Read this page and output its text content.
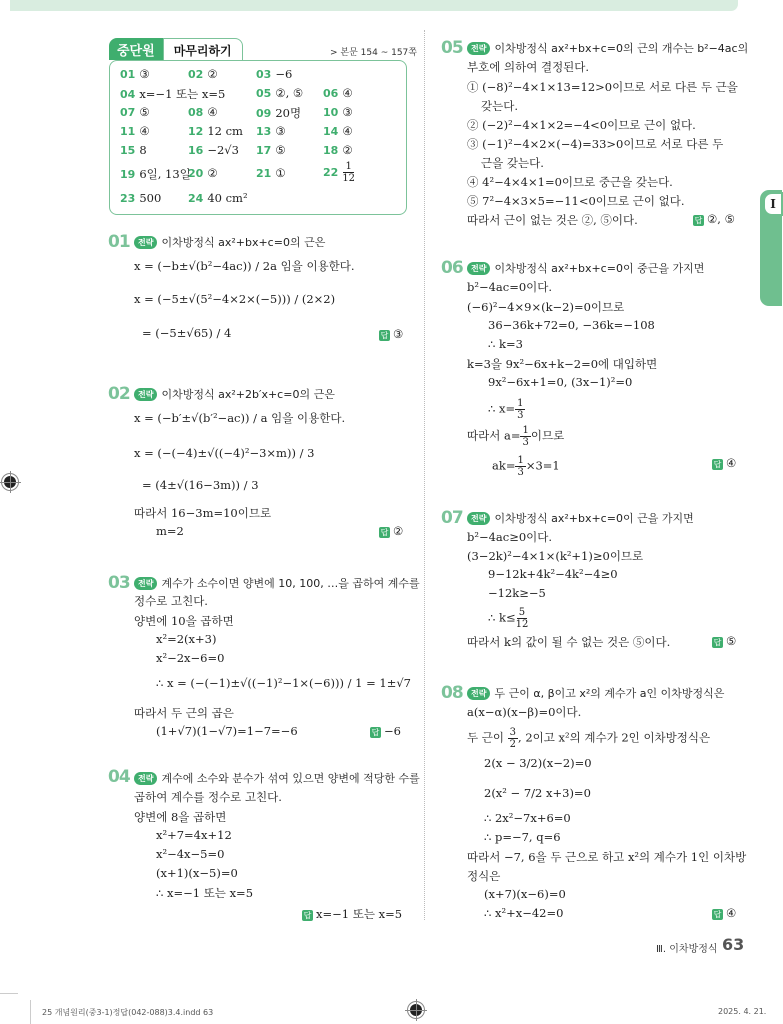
I
중단원	마무리하기	> 본문 154 ~ 157쪽
01 ③	02 ②	03 −6
04 x=−1 또는 x=5	05 ②, ⑤ 06 ④
07 ⑤	08 ④	09 20명 10 ③
11 ④	12 12 cm 13 ③	14 ④
15 8	16 −2√3 17 ⑤	18 ②
19 6일, 13일
20 ②	21 ①	$22 \frac{1}{12}$
23 500 24 40 cm²
01	전략 이차방정식 ax²+bx+c=0의 근은
x = (−b±√(b²−4ac)) / 2a 임을 이용한다.
x = (−5±√(5²−4×2×(−5))) / (2×2)
= (−5±√65) / 4	답 ③
02	전략 이차방정식 ax²+2b′x+c=0의 근은
x = (−b′±√(b′²−ac)) / a 임을 이용한다.
x = (−(−4)±√((−4)²−3×m)) / 3
= (4±√(16−3m)) / 3
따라서 16−3m=10이므로
m=2	답 ②
03	전략 계수가 소수이면 양변에 10, 100, …을 곱하여 계수를
정수로 고친다.
양변에 10을 곱하면
x²=2(x+3)
x²−2x−6=0
∴ x = (−(−1)±√((−1)²−1×(−6))) / 1 = 1±√7
따라서 두 근의 곱은
(1+√7)(1−√7)=1−7=−6	답 −6
04	전략 계수에 소수와 분수가 섞여 있으면 양변에 적당한 수를
곱하여 계수를 정수로 고친다.
양변에 8을 곱하면
x²+7=4x+12
x²−4x−5=0
(x+1)(x−5)=0
∴ x=−1 또는 x=5
답 x=−1 또는 x=5
05	전략 이차방정식 ax²+bx+c=0의 근의 개수는 b²−4ac의
부호에 의하여 결정된다.
① (−8)²−4×1×13=12>0이므로 서로 다른 두 근을
갖는다.
② (−2)²−4×1×2=−4<0이므로 근이 없다.
③ (−1)²−4×2×(−4)=33>0이므로 서로 다른 두
근을 갖는다.
④ 4²−4×4×1=0이므로 중근을 갖는다.
⑤ 7²−4×3×5=−11<0이므로 근이 없다.
따라서 근이 없는 것은 ②, ⑤이다.	답 ②, ⑤
06	전략 이차방정식 ax²+bx+c=0이 중근을 가지면
b²−4ac=0이다.
(−6)²−4×9×(k−2)=0이므로
36−36k+72=0, −36k=−108
∴ k=3
k=3을 9x²−6x+k−2=0에 대입하면
9x²−6x+1=0, (3x−1)²=0
∴ $x= \frac{1}{3}$
따라서 $a= \frac{1}{3}$ 이므로
$ak= \frac{1}{3} \times 3=1$	답 ④
07	전략 이차방정식 ax²+bx+c=0이 근을 가지면
b²−4ac≥0이다.
(3−2k)²−4×1×(k²+1)≥0이므로
9−12k+4k²−4k²−4≥0
−12k≥−5
∴ $k\le \frac{5}{12}$
따라서 k의 값이 될 수 없는 것은 ⑤이다.	답 ⑤
08	전략 두 근이 α, β이고 x²의 계수가 a인 이차방정식은
a(x−α)(x−β)=0이다.
두 근이 $\frac{3}{2}$ , 2이고 x²의 계수가 2인 이차방정식은
2(x − 3/2)(x−2)=0
2(x² − 7/2 x+3)=0
∴ 2x²−7x+6=0
∴ p=−7, q=6
따라서 −7, 6을 두 근으로 하고 x²의 계수가 1인 이차방
정식은
(x+7)(x−6)=0
∴ x²+x−42=0	답 ④
Ⅲ. 이차방정식 63
25 개념원리(중3-1)정답(042-088)3.4.indd 63	2025. 4. 21.
